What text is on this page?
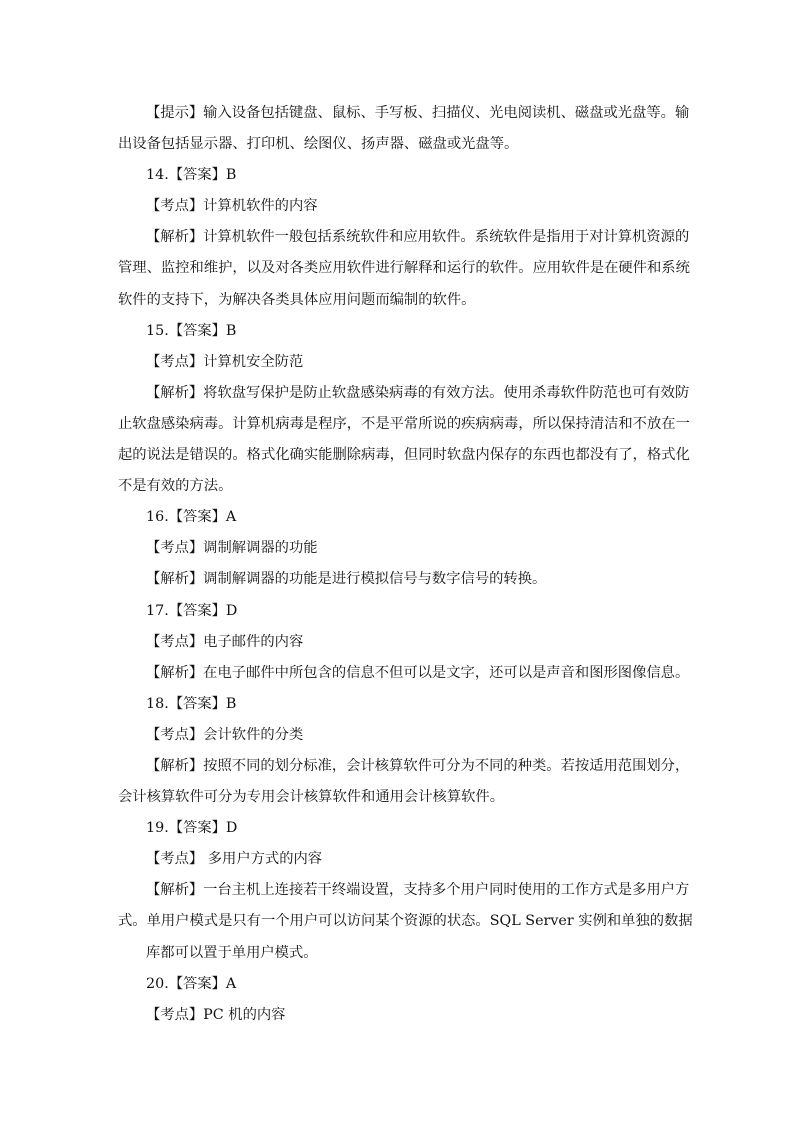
【提示】输入设备包括键盘、鼠标、手写板、扫描仪、光电阅读机、磁盘或光盘等。输
出设备包括显示器、打印机、绘图仪、扬声器、磁盘或光盘等。
14.【答案】B
【考点】计算机软件的内容
【解析】计算机软件一般包括系统软件和应用软件。系统软件是指用于对计算机资源的
管理、监控和维护，以及对各类应用软件进行解释和运行的软件。应用软件是在硬件和系统
软件的支持下，为解决各类具体应用问题而编制的软件。
15.【答案】B
【考点】计算机安全防范
【解析】将软盘写保护是防止软盘感染病毒的有效方法。使用杀毒软件防范也可有效防
止软盘感染病毒。计算机病毒是程序，不是平常所说的疾病病毒，所以保持清洁和不放在一
起的说法是错误的。格式化确实能删除病毒，但同时软盘内保存的东西也都没有了，格式化
不是有效的方法。
16.【答案】A
【考点】调制解调器的功能
【解析】调制解调器的功能是进行模拟信号与数字信号的转换。
17.【答案】D
【考点】电子邮件的内容
【解析】在电子邮件中所包含的信息不但可以是文字，还可以是声音和图形图像信息。
18.【答案】B
【考点】会计软件的分类
【解析】按照不同的划分标准，会计核算软件可分为不同的种类。若按适用范围划分，
会计核算软件可分为专用会计核算软件和通用会计核算软件。
19.【答案】D
【考点】 多用户方式的内容
【解析】一台主机上连接若干终端设置，支持多个用户同时使用的工作方式是多用户方
式。单用户模式是只有一个用户可以访问某个资源的状态。SQL Server 实例和单独的数据
库都可以置于单用户模式。
20.【答案】A
【考点】PC 机的内容
